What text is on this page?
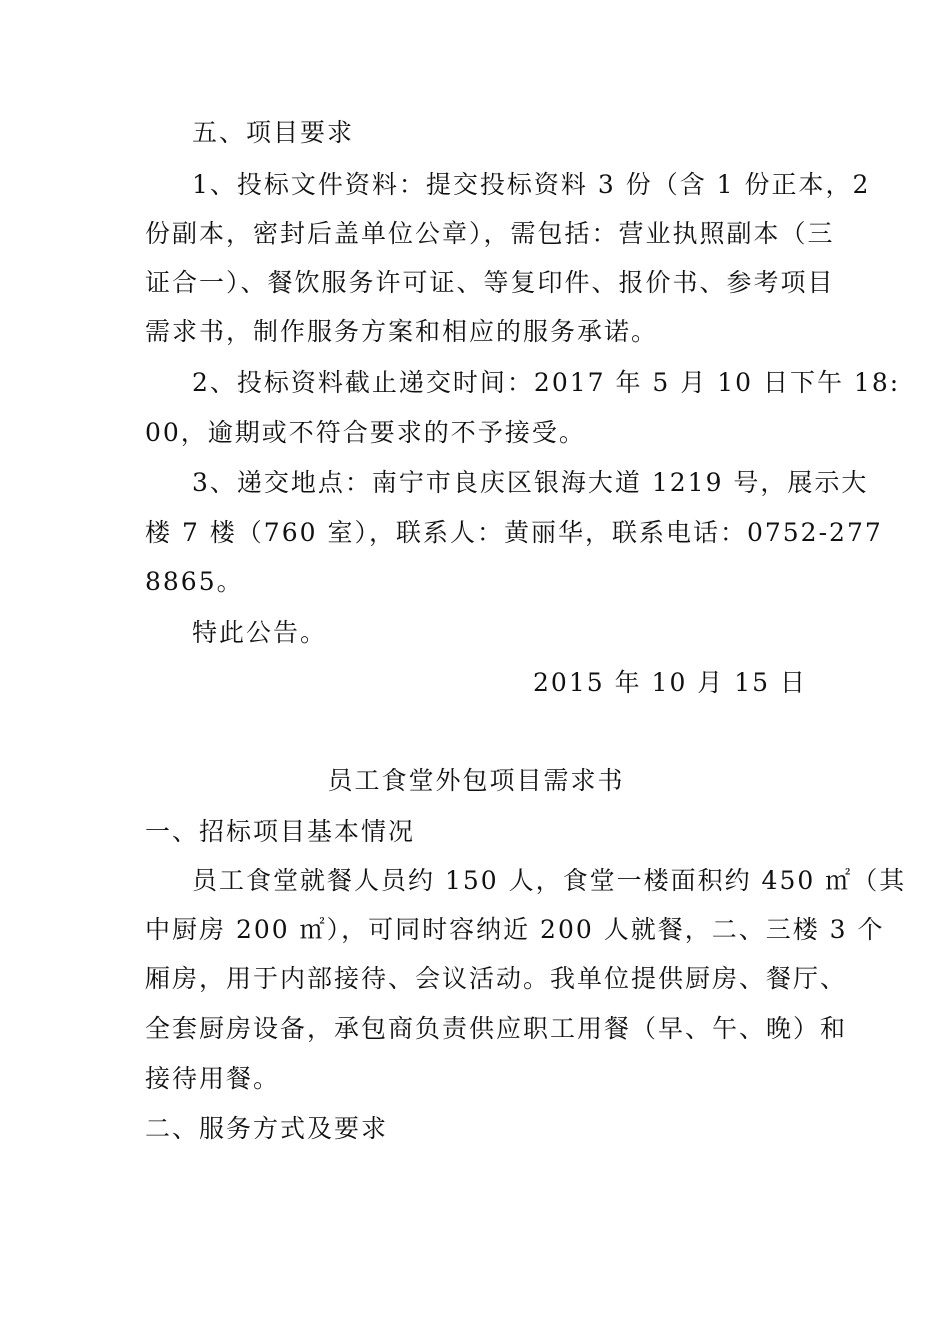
五、项目要求
1、投标文件资料：提交投标资料 3 份（含 1 份正本，2
份副本，密封后盖单位公章），需包括：营业执照副本（三
证合一）、餐饮服务许可证、等复印件、报价书、参考项目
需求书，制作服务方案和相应的服务承诺。
2、投标资料截止递交时间：2017 年 5 月 10 日下午 18:
00，逾期或不符合要求的不予接受。
3、递交地点：南宁市良庆区银海大道 1219 号，展示大
楼 7 楼（760 室），联系人：黄丽华，联系电话：0752-277
8865。
特此公告。
2015 年 10 月 15 日
员工食堂外包项目需求书
一、招标项目基本情况
员工食堂就餐人员约 150 人，食堂一楼面积约 450 ㎡（其
中厨房 200 ㎡），可同时容纳近 200 人就餐，二、三楼 3 个
厢房，用于内部接待、会议活动。我单位提供厨房、餐厅、
全套厨房设备，承包商负责供应职工用餐（早、午、晚）和
接待用餐。
二、服务方式及要求
